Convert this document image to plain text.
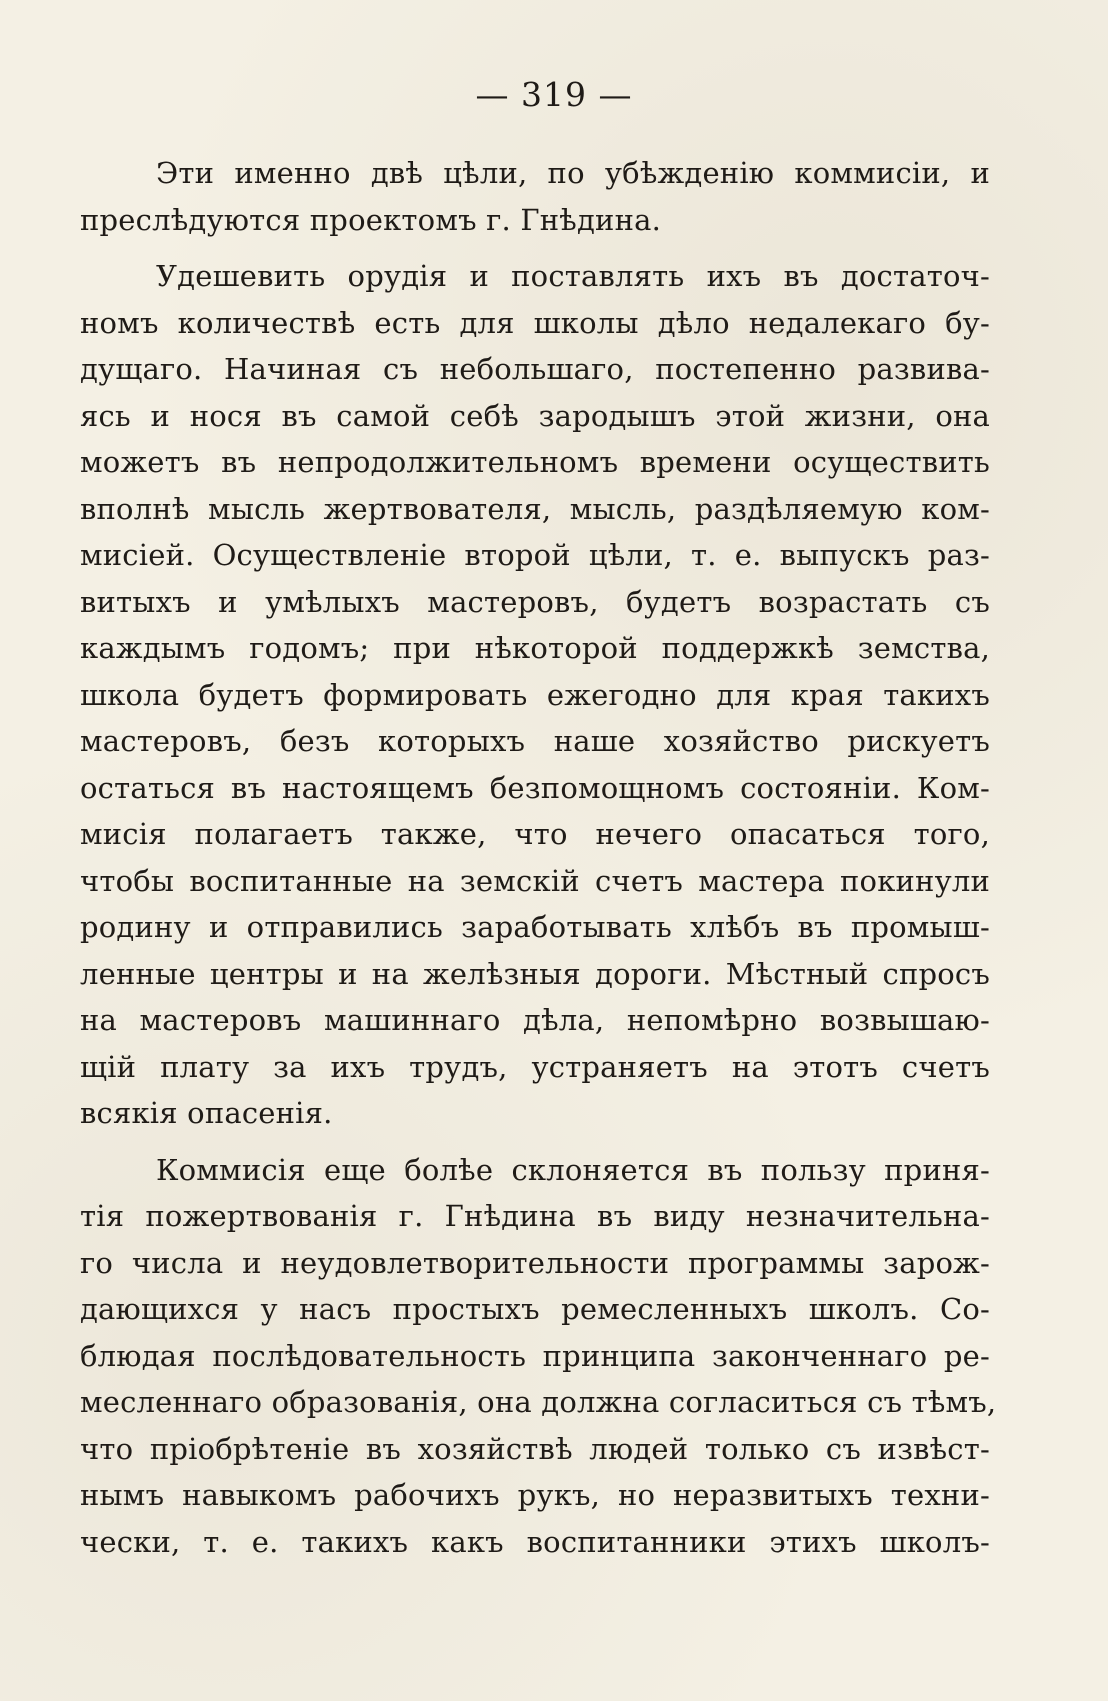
— 319 —
Эти именно двѣ цѣли, по убѣжденію коммисіи, и
преслѣдуются проектомъ г. Гнѣдина.
Удешевить орудія и поставлять ихъ въ достаточ-
номъ количествѣ есть для школы дѣло недалекаго бу-
дущаго. Начиная съ небольшаго, постепенно развива-
ясь и нося въ самой себѣ зародышъ этой жизни, она
можетъ въ непродолжительномъ времени осуществить
вполнѣ мысль жертвователя, мысль, раздѣляемую ком-
мисіей. Осуществленіе второй цѣли, т. е. выпускъ раз-
витыхъ и умѣлыхъ мастеровъ, будетъ возрастать съ
каждымъ годомъ; при нѣкоторой поддержкѣ земства,
школа будетъ формировать ежегодно для края такихъ
мастеровъ, безъ которыхъ наше хозяйство рискуетъ
остаться въ настоящемъ безпомощномъ состояніи. Ком-
мисія полагаетъ также, что нечего опасаться того,
чтобы воспитанные на земскій счетъ мастера покинули
родину и отправились заработывать хлѣбъ въ промыш-
ленные центры и на желѣзныя дороги. Мѣстный спросъ
на мастеровъ машиннаго дѣла, непомѣрно возвышаю-
щій плату за ихъ трудъ, устраняетъ на этотъ счетъ
всякія опасенія.
Коммисія еще болѣе склоняется въ пользу приня-
тія пожертвованія г. Гнѣдина въ виду незначительна-
го числа и неудовлетворительности программы зарож-
дающихся у насъ простыхъ ремесленныхъ школъ. Со-
блюдая послѣдовательность принципа законченнаго ре-
месленнаго образованія, она должна согласиться съ тѣмъ,
что пріобрѣтеніе въ хозяйствѣ людей только съ извѣст-
нымъ навыкомъ рабочихъ рукъ, но неразвитыхъ техни-
чески, т. е. такихъ какъ воспитанники этихъ школъ-
